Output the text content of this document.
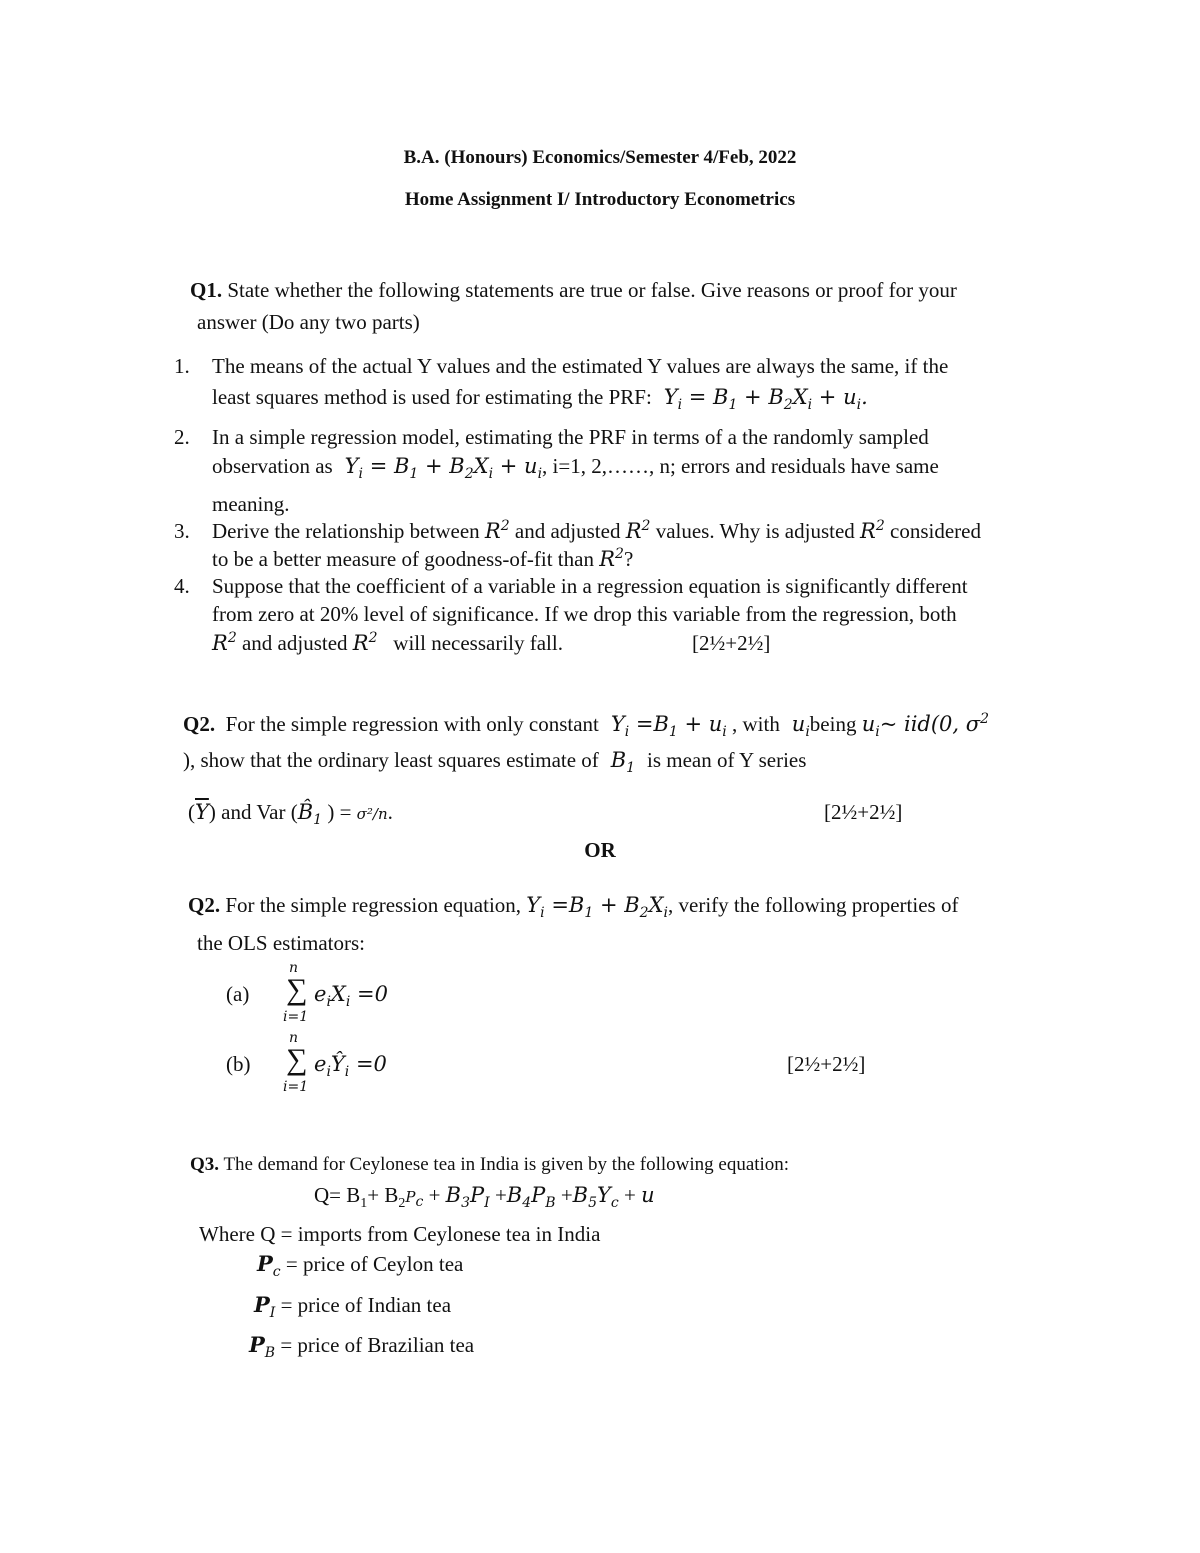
B.A. (Honours) Economics/Semester 4/Feb, 2022
Home Assignment I/ Introductory Econometrics
Q1. State whether the following statements are true or false. Give reasons or proof for your
answer (Do any two parts)
1. The means of the actual Y values and the estimated Y values are always the same, if the
least squares method is used for estimating the PRF:  $Y_i = B_1 + B_2X_i + u_i$.
2. In a simple regression model, estimating the PRF in terms of a the randomly sampled
observation as  $Y_i = B_1 + B_2X_i + u_i$, i=1, 2,……, n; errors and residuals have same
meaning.
3. Derive the relationship between $R^2$ and adjusted $R^2$ values. Why is adjusted $R^2$ considered
to be a better measure of goodness-of-fit than $R^2$?
4. Suppose that the coefficient of a variable in a regression equation is significantly different
from zero at 20% level of significance. If we drop this variable from the regression, both
$R^2$ and adjusted $R^2$ will necessarily fall.	[2½+2½]
Q2. For the simple regression with only constant  $Y_i =B_1 + u_i$ , with  $u_ibeing$ $u_i\sim$ iid(0, $\sigma^2$
), show that the ordinary least squares estimate of  $B_1$ is mean of Y series
$(\overline{Y})$ and Var ($B̂_1$ ) = σ²/n.	[2½+2½]
OR
Q2. For the simple regression equation, $Y_i =B_1 + B_2X_i$, verify the following properties of
the OLS estimators:
(a)
n
∑
i=1
$e_iX_i =0$
(b)
n
∑
i=1
$e_iŶ_i =0$	[2½+2½]
Q3. The demand for Ceylonese tea in India is given by the following equation:
$Q= B_1+ B_2P_c + B_3P_I +B_4P_B +B_5Y_c + u$
Where Q = imports from Ceylonese tea in India
$P_c$ = price of Ceylon tea
$P_I$ = price of Indian tea
$P_B$ = price of Brazilian tea
